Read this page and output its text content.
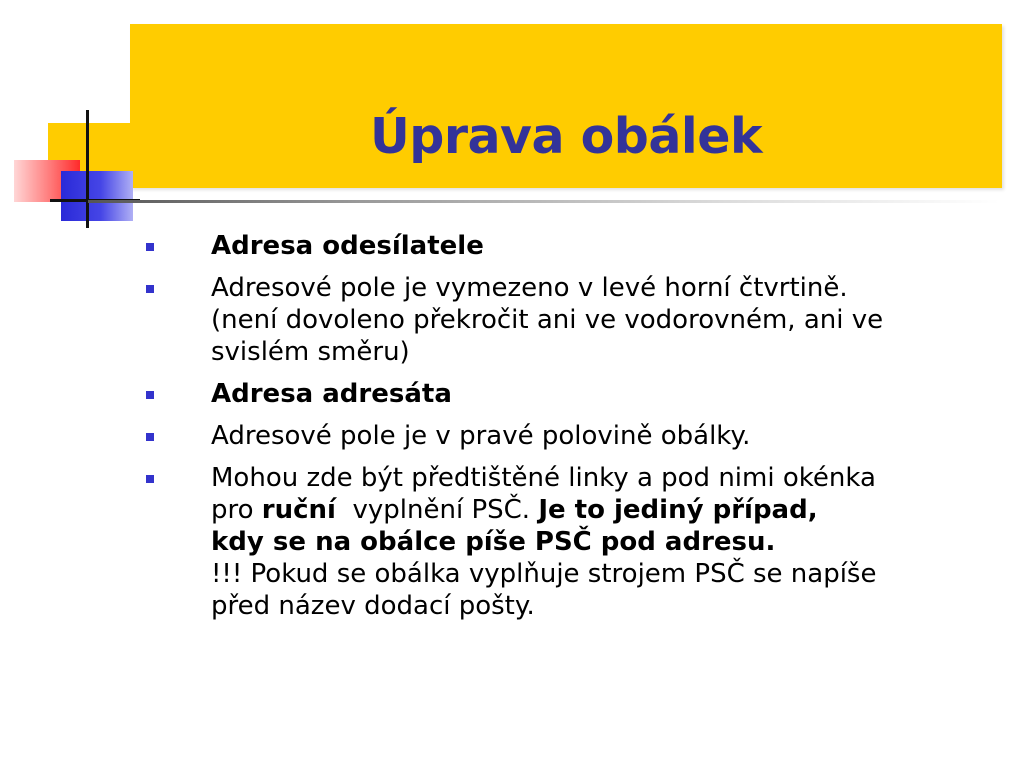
Úprava obálek
Adresa odesílatele
Adresové pole je vymezeno v levé horní čtvrtině.
(není dovoleno překročit ani ve vodorovném, ani ve
svislém směru)
Adresa adresáta
Adresové pole je v pravé polovině obálky.
Mohou zde být předtištěné linky a pod nimi okénka
pro ruční  vyplnění PSČ. Je to jediný případ,
kdy se na obálce píše PSČ pod adresu.
!!! Pokud se obálka vyplňuje strojem PSČ se napíše
před název dodací pošty.
